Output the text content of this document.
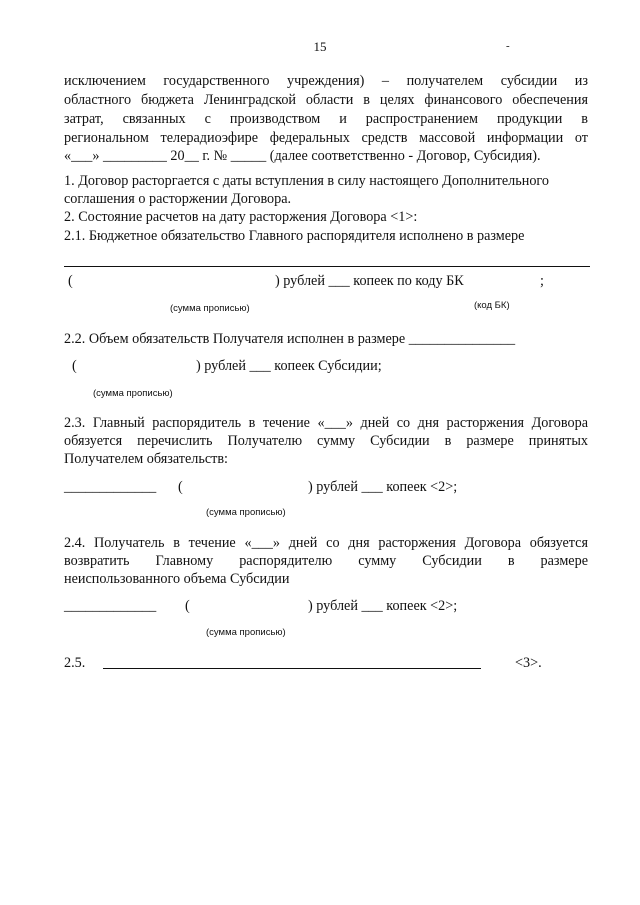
15	-
исключением государственного учреждения) – получателем субсидии из
областного бюджета Ленинградской области в целях финансового обеспечения
затрат, связанных с производством и распространением продукции в
региональном телерадиоэфире федеральных средств массовой информации от
«___» _________ 20__ г. № _____ (далее соответственно - Договор, Субсидия).
1. Договор расторгается с даты вступления в силу настоящего Дополнительного
соглашения о расторжении Договора.
2. Состояние расчетов на дату расторжения Договора <1>:
2.1. Бюджетное обязательство Главного распорядителя исполнено в размере
(	) рублей ___ копеек по коду БК	;
(сумма прописью)	(код БК)
2.2. Объем обязательств Получателя исполнен в размере _______________
(	) рублей ___ копеек Субсидии;
(сумма прописью)
2.3. Главный распорядитель в течение «___» дней со дня расторжения Договора
обязуется перечислить Получателю сумму Субсидии в размере принятых
Получателем обязательств:
_____________ (	) рублей ___ копеек <2>;
(сумма прописью)
2.4. Получатель в течение «___» дней со дня расторжения Договора обязуется
возвратить Главному распорядителю сумму Субсидии в размере
неиспользованного объема Субсидии
_____________ (	) рублей ___ копеек <2>;
(сумма прописью)
2.5.	<3>.
